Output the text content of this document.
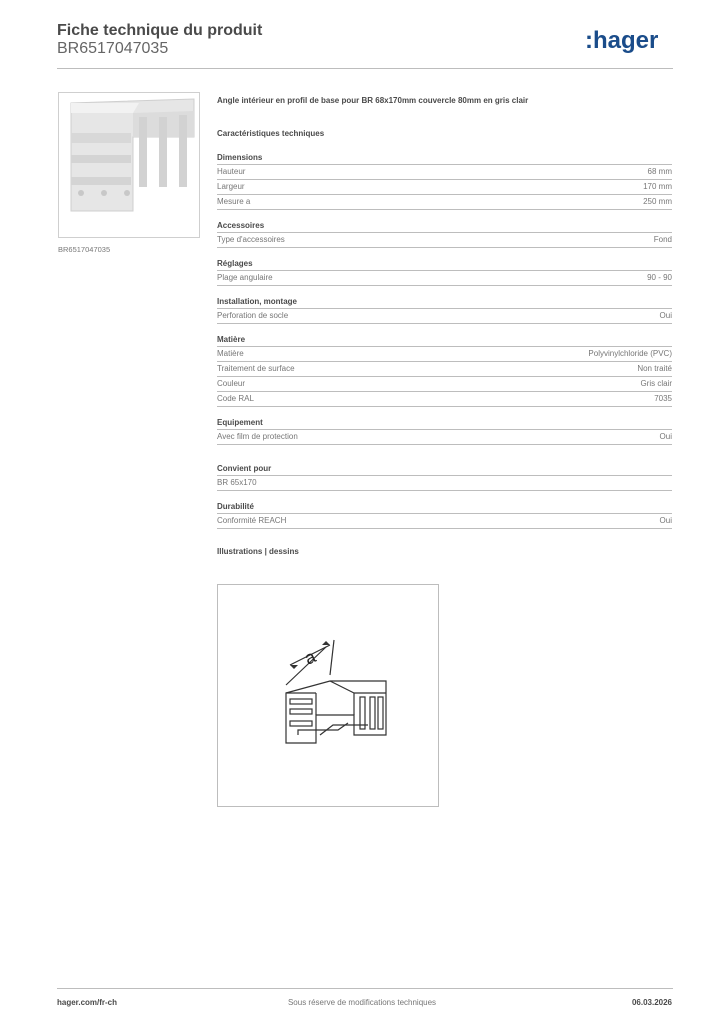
Fiche technique du produit
BR6517047035	:hager
BR6517047035
Angle intérieur en profil de base pour BR 68x170mm couvercle 80mm en gris clair
Caractéristiques techniques
Dimensions
Hauteur	68 mm
Largeur	170 mm
Mesure a	250 mm
Accessoires
Type d'accessoires	Fond
Réglages
Plage angulaire	90 - 90
Installation, montage
Perforation de socle	Oui
Matière
Matière	Polyvinylchloride (PVC)
Traitement de surface	Non traité
Couleur	Gris clair
Code RAL	7035
Equipement
Avec film de protection	Oui
Convient pour
BR 65x170
Durabilité
Conformité REACH	Oui
Illustrations | dessins
a
hager.com/fr-ch	Sous réserve de modifications techniques	06.03.2026
